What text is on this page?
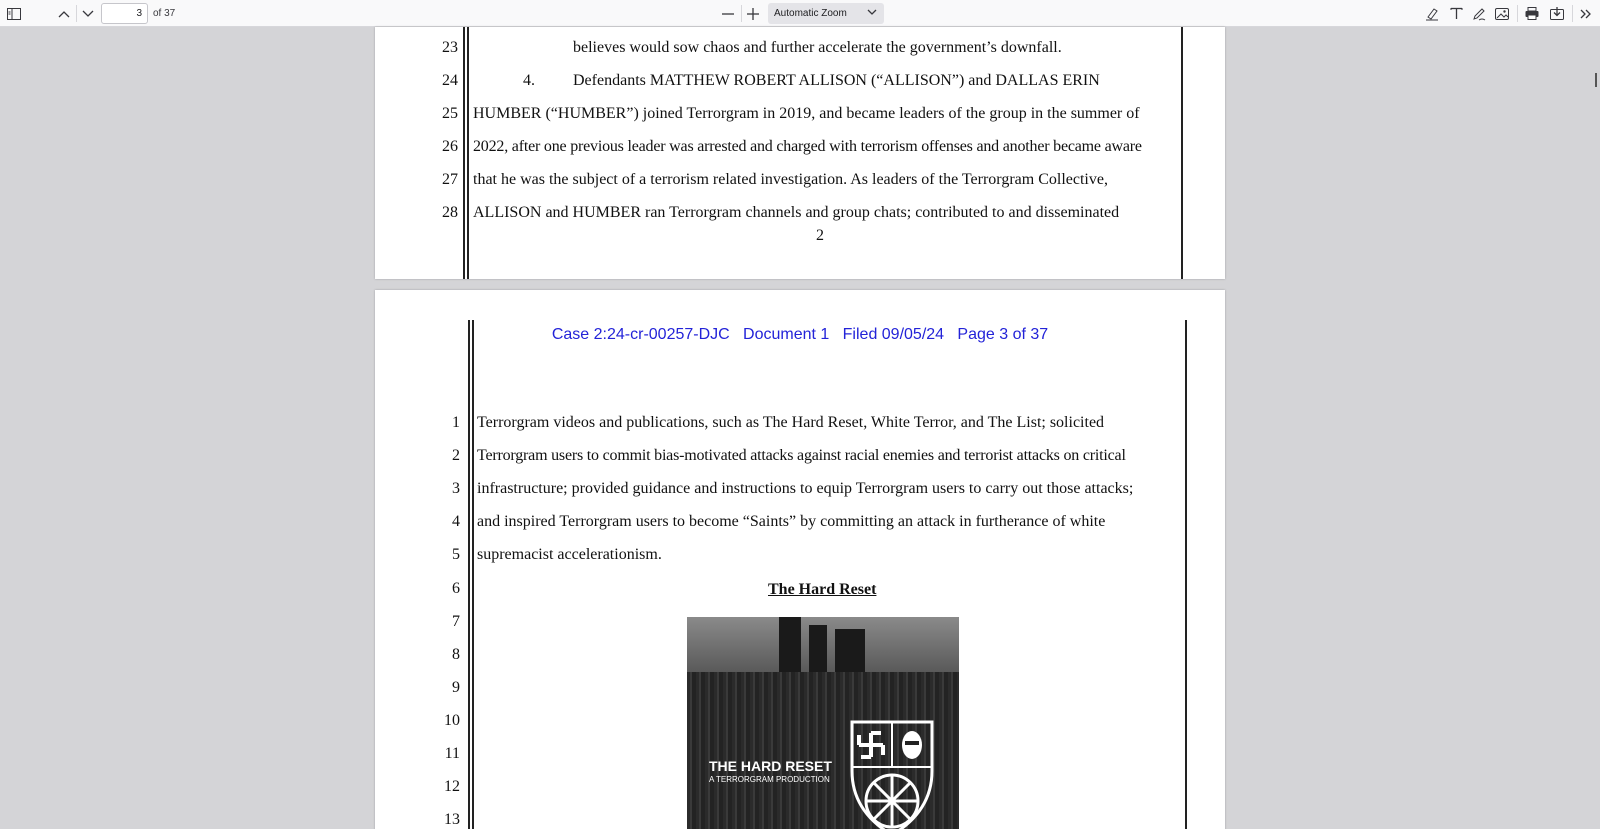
3
of 37	Automatic Zoom
23	believes would sow chaos and further accelerate the government’s downfall.
24	4. Defendants MATTHEW ROBERT ALLISON (“ALLISON”) and DALLAS ERIN
25 HUMBER (“HUMBER”) joined Terrorgram in 2019, and became leaders of the group in the summer of
26 2022, after one previous leader was arrested and charged with terrorism offenses and another became aware
27 that he was the subject of a terrorism related investigation. As leaders of the Terrorgram Collective,
28 ALLISON and HUMBER ran Terrorgram channels and group chats; contributed to and disseminated
2
Case 2:24-cr-00257-DJC Document 1 Filed 09/05/24 Page 3 of 37
1 Terrorgram videos and publications, such as The Hard Reset, White Terror, and The List; solicited
2 Terrorgram users to commit bias-motivated attacks against racial enemies and terrorist attacks on critical
3 infrastructure; provided guidance and instructions to equip Terrorgram users to carry out those attacks;
4 and inspired Terrorgram users to become “Saints” by committing an attack in furtherance of white
5 supremacist accelerationism.
6	The Hard Reset
7
8
9
10
11
12
13
THE HARD RESET
A TERRORGRAM PRODUCTION
